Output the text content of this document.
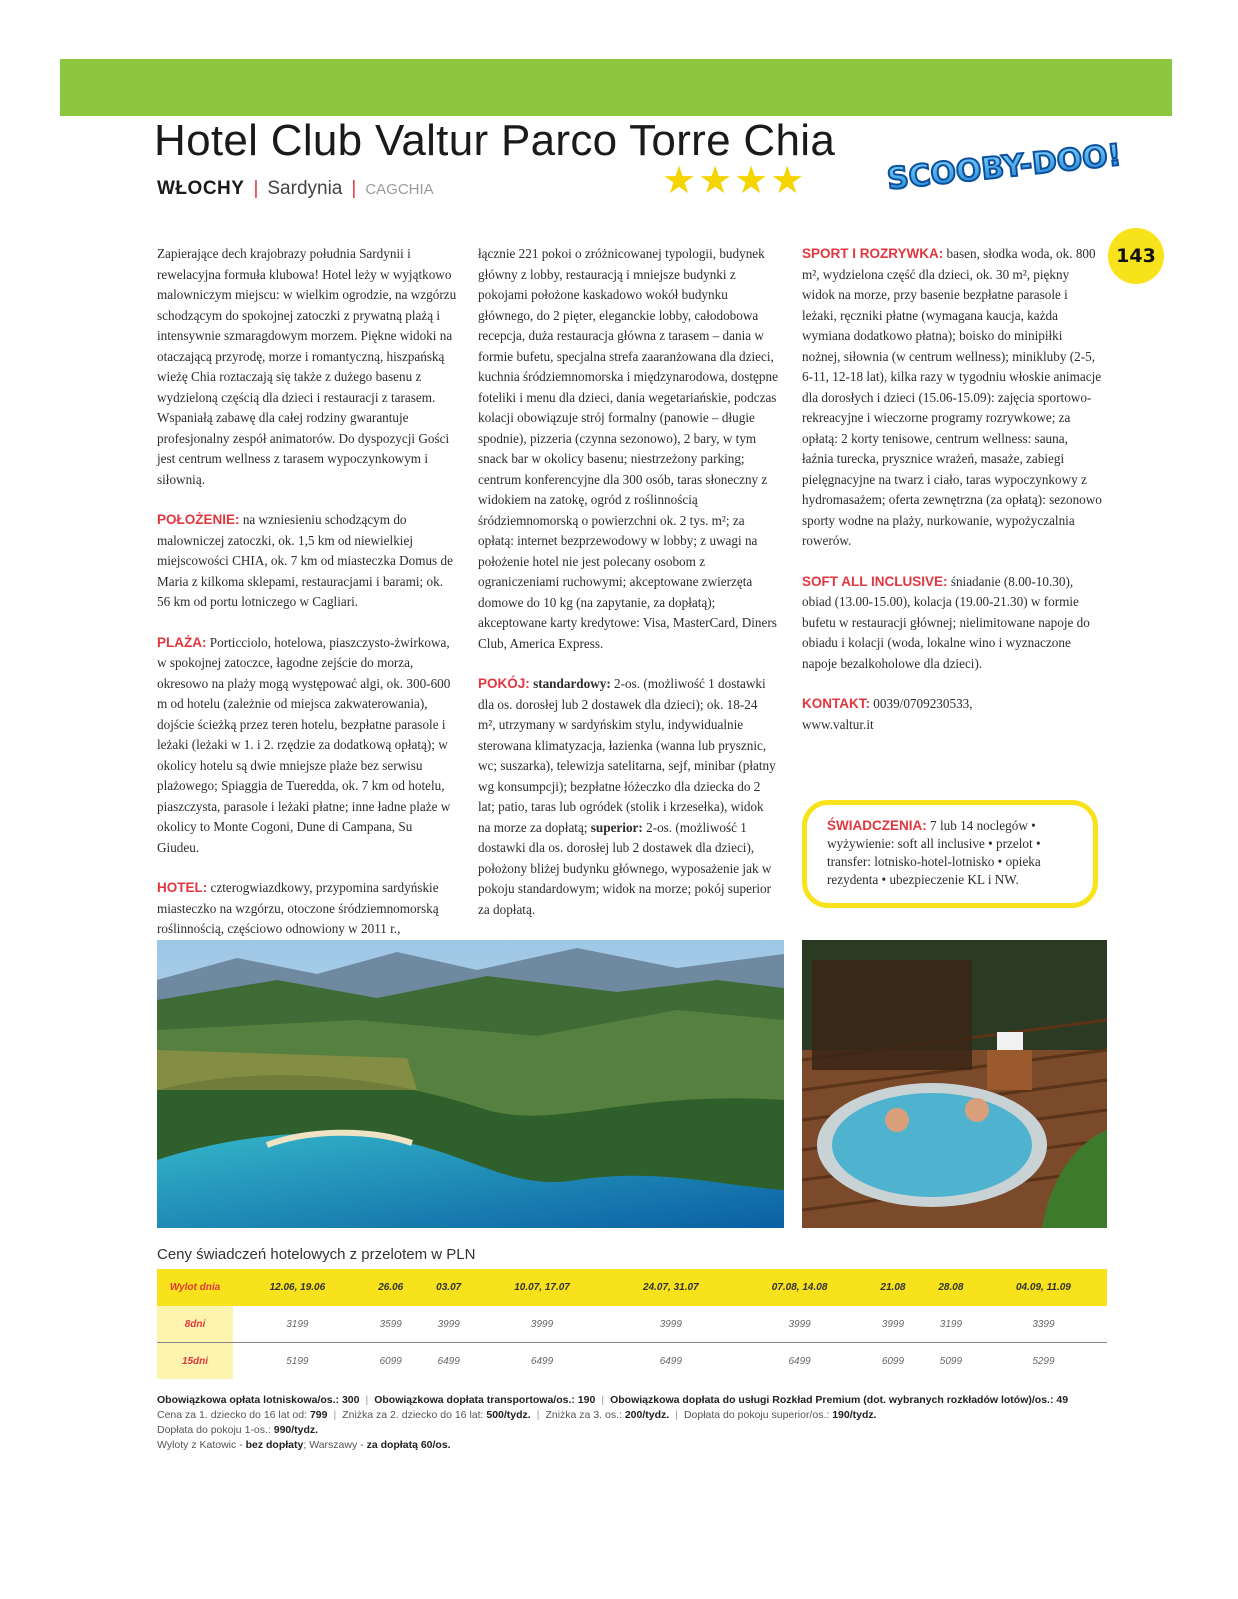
Hotel Club Valtur Parco Torre Chia
WŁOCHY | Sardynia | CAGCHIA	★★★★	SCOOBY-DOO!
143

Zapierające dech krajobrazy południa Sardynii i rewelacyjna formuła klubowa! Hotel leży w wyjątkowo malowniczym miejscu: w wielkim ogrodzie, na wzgórzu schodzącym do spokojnej zatoczki z prywatną plażą i intensywnie szmaragdowym morzem. Piękne widoki na otaczającą przyrodę, morze i romantyczną, hiszpańską wieżę Chia roztaczają się także z dużego basenu z wydzieloną częścią dla dzieci i restauracji z tarasem. Wspaniałą zabawę dla całej rodziny gwarantuje profesjonalny zespół animatorów. Do dyspozycji Gości jest centrum wellness z tarasem wypoczynkowym i siłownią.

POŁOŻENIE: na wzniesieniu schodzącym do malowniczej zatoczki, ok. 1,5 km od niewielkiej miejscowości CHIA, ok. 7 km od miasteczka Domus de Maria z kilkoma sklepami, restauracjami i barami; ok. 56 km od portu lotniczego w Cagliari.

PLAŻA: Porticciolo, hotelowa, piaszczysto-żwirkowa, w spokojnej zatoczce, łagodne zejście do morza, okresowo na plaży mogą występować algi, ok. 300-600 m od hotelu (zależnie od miejsca zakwaterowania), dojście ścieżką przez teren hotelu, bezpłatne parasole i leżaki (leżaki w 1. i 2. rzędzie za dodatkową opłatą); w okolicy hotelu są dwie mniejsze plaże bez serwisu plażowego; Spiaggia de Tueredda, ok. 7 km od hotelu, piaszczysta, parasole i leżaki płatne; inne ładne plaże w okolicy to Monte Cogoni, Dune di Campana, Su Giudeu.

HOTEL: czterogwiazdkowy, przypomina sardyńskie miasteczko na wzgórzu, otoczone śródziemnomorską roślinnością, częściowo odnowiony w 2011 r.,

łącznie 221 pokoi o zróżnicowanej typologii, budynek główny z lobby, restauracją i mniejsze budynki z pokojami położone kaskadowo wokół budynku głównego, do 2 pięter, eleganckie lobby, całodobowa recepcja, duża restauracja główna z tarasem – dania w formie bufetu, specjalna strefa zaaranżowana dla dzieci, kuchnia śródziemnomorska i międzynarodowa, dostępne foteliki i menu dla dzieci, dania wegetariańskie, podczas kolacji obowiązuje strój formalny (panowie – długie spodnie), pizzeria (czynna sezonowo), 2 bary, w tym snack bar w okolicy basenu; niestrzeżony parking; centrum konferencyjne dla 300 osób, taras słoneczny z widokiem na zatokę, ogród z roślinnością śródziemnomorską o powierzchni ok. 2 tys. m²; za opłatą: internet bezprzewodowy w lobby; z uwagi na położenie hotel nie jest polecany osobom z ograniczeniami ruchowymi; akceptowane zwierzęta domowe do 10 kg (na zapytanie, za dopłatą); akceptowane karty kredytowe: Visa, MasterCard, Diners Club, America Express.

POKÓJ: standardowy: 2-os. (możliwość 1 dostawki dla os. dorosłej lub 2 dostawek dla dzieci); ok. 18-24 m², utrzymany w sardyńskim stylu, indywidualnie sterowana klimatyzacja, łazienka (wanna lub prysznic, wc; suszarka), telewizja satelitarna, sejf, minibar (płatny wg konsumpcji); bezpłatne łóżeczko dla dziecka do 2 lat; patio, taras lub ogródek (stolik i krzesełka), widok na morze za dopłatą; superior: 2-os. (możliwość 1 dostawki dla os. dorosłej lub 2 dostawek dla dzieci), położony bliżej budynku głównego, wyposażenie jak w pokoju standardowym; widok na morze; pokój superior za dopłatą.

SPORT I ROZRYWKA: basen, słodka woda, ok. 800 m², wydzielona część dla dzieci, ok. 30 m², piękny widok na morze, przy basenie bezpłatne parasole i leżaki, ręczniki płatne (wymagana kaucja, każda wymiana dodatkowo płatna); boisko do minipiłki nożnej, siłownia (w centrum wellness); minikluby (2-5, 6-11, 12-18 lat), kilka razy w tygodniu włoskie animacje dla dorosłych i dzieci (15.06-15.09): zajęcia sportowo-rekreacyjne i wieczorne programy rozrywkowe; za opłatą: 2 korty tenisowe, centrum wellness: sauna, łaźnia turecka, prysznice wrażeń, masaże, zabiegi pielęgnacyjne na twarz i ciało, taras wypoczynkowy z hydromasażem; oferta zewnętrzna (za opłatą): sezonowo sporty wodne na plaży, nurkowanie, wypożyczalnia rowerów.

SOFT ALL INCLUSIVE: śniadanie (8.00-10.30), obiad (13.00-15.00), kolacja (19.00-21.30) w formie bufetu w restauracji głównej; nielimitowane napoje do obiadu i kolacji (woda, lokalne wino i wyznaczone napoje bezalkoholowe dla dzieci).

KONTAKT: 0039/0709230533,
www.valtur.it

ŚWIADCZENIA: 7 lub 14 noclegów • wyżywienie: soft all inclusive • przelot • transfer: lotnisko-hotel-lotnisko • opieka rezydenta • ubezpieczenie KL i NW.
Ceny świadczeń hotelowych z przelotem w PLN
Wylot dnia	12.06, 19.06	26.06	03.07	10.07, 17.07	24.07, 31.07	07.08, 14.08	21.08	28.08	04.09, 11.09
8dni	3199	3599	3999	3999	3999	3999	3999	3199	3399
15dni	5199	6099	6499	6499	6499	6499	6099	5099	5299
Obowiązkowa opłata lotniskowa/os.: 300 | Obowiązkowa dopłata transportowa/os.: 190 | Obowiązkowa dopłata do usługi Rozkład Premium (dot. wybranych rozkładów lotów)/os.: 49
Cena za 1. dziecko do 16 lat od: 799 | Zniżka za 2. dziecko do 16 lat: 500/tydz. | Zniżka za 3. os.: 200/tydz. | Dopłata do pokoju superior/os.: 190/tydz.
Dopłata do pokoju 1-os.: 990/tydz.
Wyloty z Katowic - bez dopłaty; Warszawy - za dopłatą 60/os.
